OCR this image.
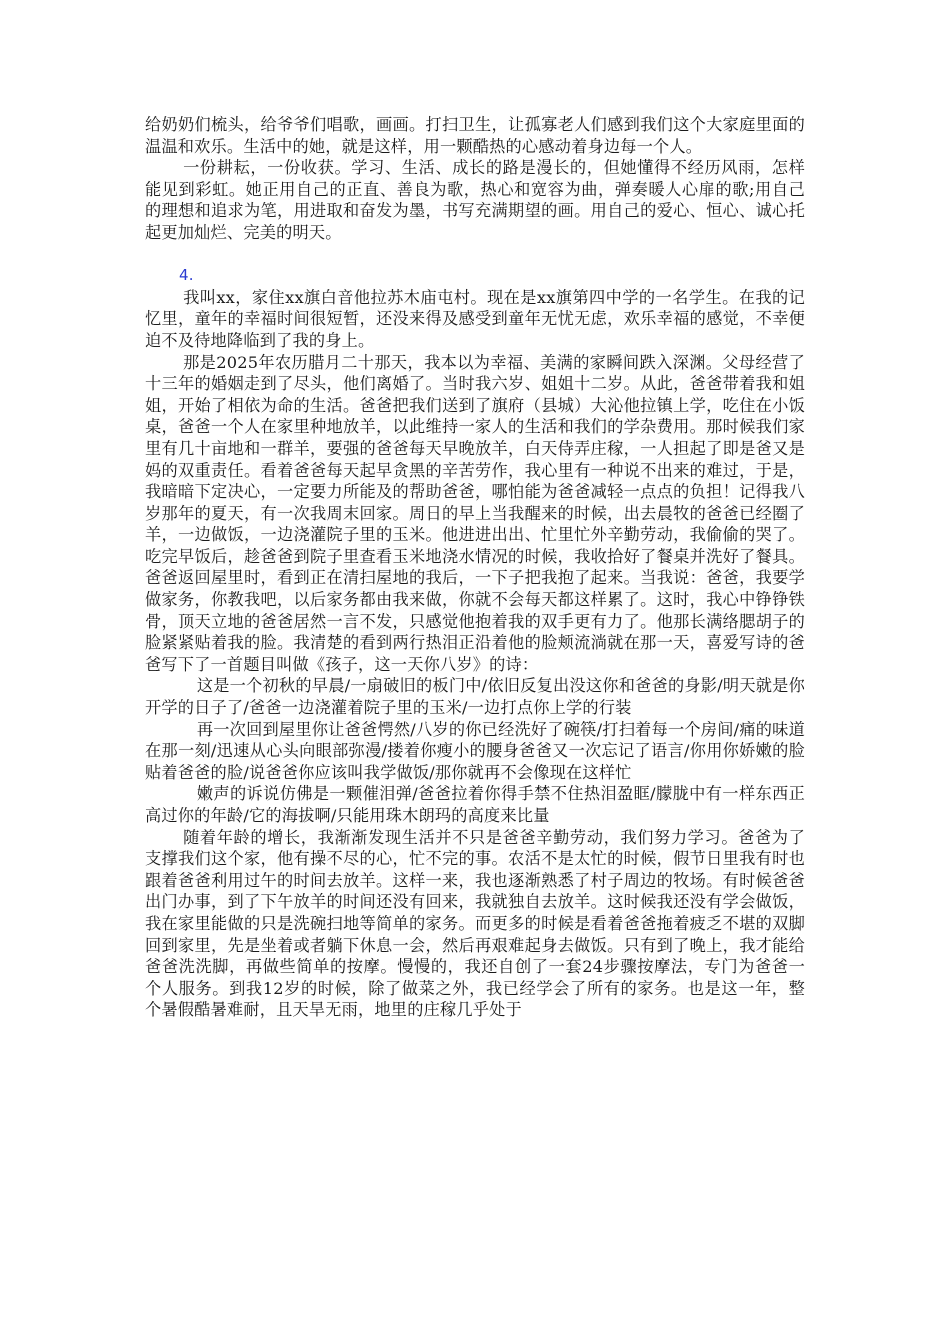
给奶奶们梳头，给爷爷们唱歌，画画。打扫卫生，让孤寡老人们感到我们这个大家庭里面的温温和欢乐。生活中的她，就是这样，用一颗酷热的心感动着身边每一个人。

一份耕耘，一份收获。学习、生活、成长的路是漫长的，但她懂得不经历风雨，怎样能见到彩虹。她正用自己的正直、善良为歌，热心和宽容为曲，弹奏暖人心扉的歌;用自己的理想和追求为笔，用进取和奋发为墨，书写充满期望的画。用自己的爱心、恒心、诚心托起更加灿烂、完美的明天。

4.

我叫xx，家住xx旗白音他拉苏木庙屯村。现在是xx旗第四中学的一名学生。在我的记忆里，童年的幸福时间很短暂，还没来得及感受到童年无忧无虑，欢乐幸福的感觉，不幸便迫不及待地降临到了我的身上。

那是2025年农历腊月二十那天，我本以为幸福、美满的家瞬间跌入深渊。父母经营了十三年的婚姻走到了尽头，他们离婚了。当时我六岁、姐姐十二岁。从此，爸爸带着我和姐姐，开始了相依为命的生活。爸爸把我们送到了旗府（县城）大沁他拉镇上学，吃住在小饭桌，爸爸一个人在家里种地放羊，以此维持一家人的生活和我们的学杂费用。那时候我们家里有几十亩地和一群羊，要强的爸爸每天早晚放羊，白天侍弄庄稼，一人担起了即是爸又是妈的双重责任。看着爸爸每天起早贪黑的辛苦劳作，我心里有一种说不出来的难过，于是，我暗暗下定决心，一定要力所能及的帮助爸爸，哪怕能为爸爸减轻一点点的负担！记得我八岁那年的夏天，有一次我周末回家。周日的早上当我醒来的时候，出去晨牧的爸爸已经圈了羊，一边做饭，一边浇灌院子里的玉米。他进进出出、忙里忙外辛勤劳动，我偷偷的哭了。吃完早饭后，趁爸爸到院子里查看玉米地浇水情况的时候，我收拾好了餐桌并洗好了餐具。爸爸返回屋里时，看到正在清扫屋地的我后，一下子把我抱了起来。当我说：爸爸，我要学做家务，你教我吧，以后家务都由我来做，你就不会每天都这样累了。这时，我心中铮铮铁骨，顶天立地的爸爸居然一言不发，只感觉他抱着我的双手更有力了。他那长满络腮胡子的脸紧紧贴着我的脸。我清楚的看到两行热泪正沿着他的脸颊流淌就在那一天，喜爱写诗的爸爸写下了一首题目叫做《孩子，这一天你八岁》的诗：

这是一个初秋的早晨/一扇破旧的板门中/依旧反复出没这你和爸爸的身影/明天就是你开学的日子了/爸爸一边浇灌着院子里的玉米/一边打点你上学的行装

再一次回到屋里你让爸爸愕然/八岁的你已经洗好了碗筷/打扫着每一个房间/痛的味道在那一刻/迅速从心头向眼部弥漫/搂着你瘦小的腰身爸爸又一次忘记了语言/你用你娇嫩的脸贴着爸爸的脸/说爸爸你应该叫我学做饭/那你就再不会像现在这样忙

嫩声的诉说仿佛是一颗催泪弹/爸爸拉着你得手禁不住热泪盈眶/朦胧中有一样东西正高过你的年龄/它的海拔啊/只能用珠木朗玛的高度来比量

随着年龄的增长，我渐渐发现生活并不只是爸爸辛勤劳动，我们努力学习。爸爸为了支撑我们这个家，他有操不尽的心，忙不完的事。农活不是太忙的时候，假节日里我有时也跟着爸爸利用过午的时间去放羊。这样一来，我也逐渐熟悉了村子周边的牧场。有时候爸爸出门办事，到了下午放羊的时间还没有回来，我就独自去放羊。这时候我还没有学会做饭，我在家里能做的只是洗碗扫地等简单的家务。而更多的时候是看着爸爸拖着疲乏不堪的双脚回到家里，先是坐着或者躺下休息一会，然后再艰难起身去做饭。只有到了晚上，我才能给爸爸洗洗脚，再做些简单的按摩。慢慢的，我还自创了一套24步骤按摩法，专门为爸爸一个人服务。到我12岁的时候，除了做菜之外，我已经学会了所有的家务。也是这一年，整个暑假酷暑难耐，且天旱无雨，地里的庄稼几乎处于
